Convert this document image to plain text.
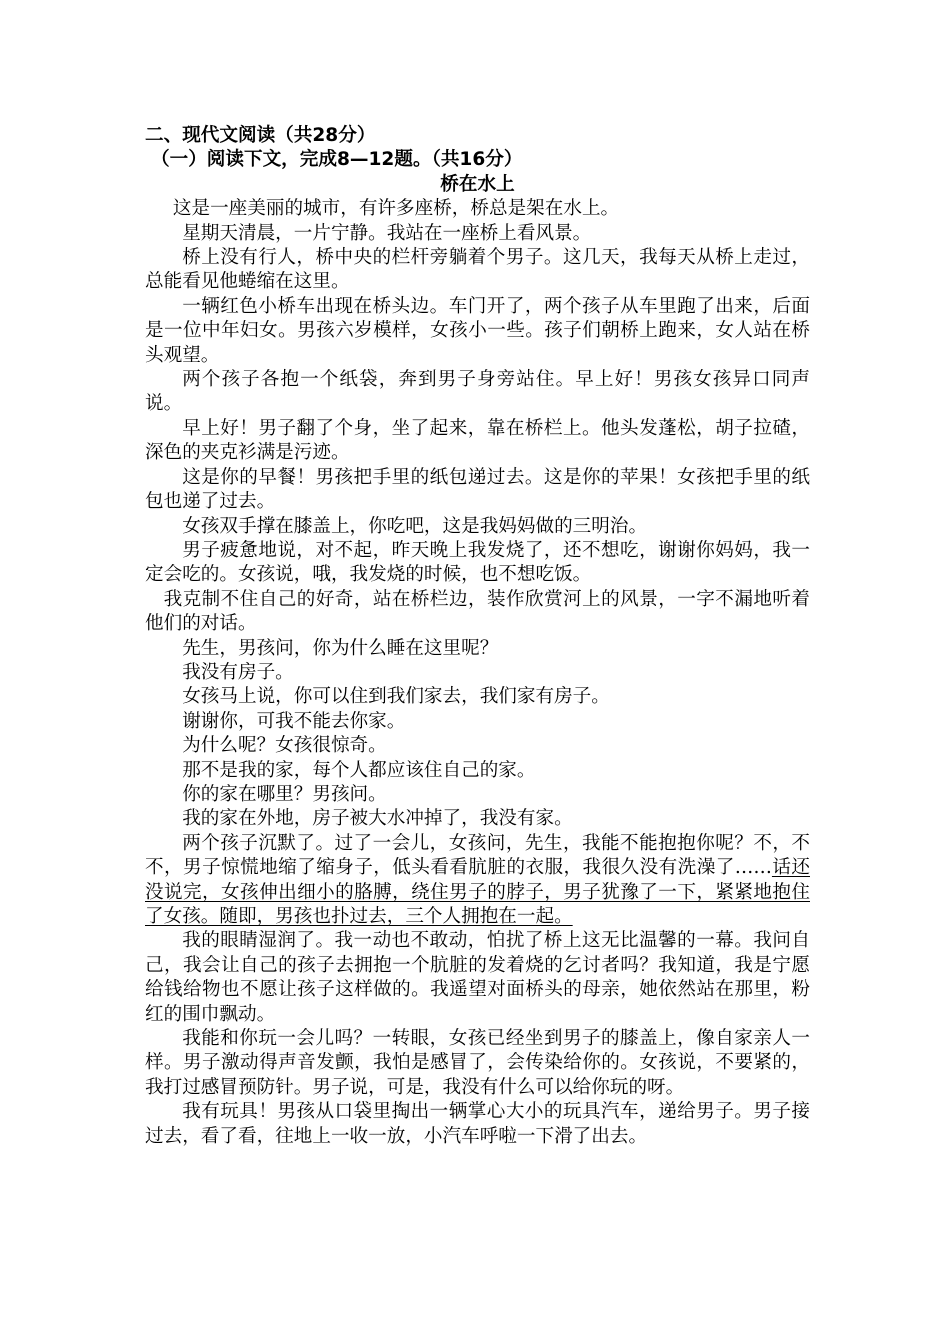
二、现代文阅读（共28分）
（一）阅读下文，完成8—12题。（共16分）
桥在水上

这是一座美丽的城市，有许多座桥，桥总是架在水上。

星期天清晨，一片宁静。我站在一座桥上看风景。

桥上没有行人，桥中央的栏杆旁躺着个男子。这几天，我每天从桥上走过，总能看见他蜷缩在这里。

一辆红色小桥车出现在桥头边。车门开了，两个孩子从车里跑了出来，后面是一位中年妇女。男孩六岁模样，女孩小一些。孩子们朝桥上跑来，女人站在桥头观望。

两个孩子各抱一个纸袋，奔到男子身旁站住。早上好！男孩女孩异口同声说。

早上好！男子翻了个身，坐了起来，靠在桥栏上。他头发蓬松，胡子拉碴，深色的夹克衫满是污迹。

这是你的早餐！男孩把手里的纸包递过去。这是你的苹果！女孩把手里的纸包也递了过去。

女孩双手撑在膝盖上，你吃吧，这是我妈妈做的三明治。

男子疲惫地说，对不起，昨天晚上我发烧了，还不想吃，谢谢你妈妈，我一定会吃的。女孩说，哦，我发烧的时候，也不想吃饭。

我克制不住自己的好奇，站在桥栏边，装作欣赏河上的风景，一字不漏地听着他们的对话。

先生，男孩问，你为什么睡在这里呢？

我没有房子。

女孩马上说，你可以住到我们家去，我们家有房子。

谢谢你，可我不能去你家。

为什么呢？女孩很惊奇。

那不是我的家，每个人都应该住自己的家。

你的家在哪里？男孩问。

我的家在外地，房子被大水冲掉了，我没有家。

两个孩子沉默了。过了一会儿，女孩问，先生，我能不能抱抱你呢？不，不不，男子惊慌地缩了缩身子，低头看看肮脏的衣服，我很久没有洗澡了……话还没说完，女孩伸出细小的胳膊，绕住男子的脖子，男子犹豫了一下，紧紧地抱住了女孩。随即，男孩也扑过去，三个人拥抱在一起。

我的眼睛湿润了。我一动也不敢动，怕扰了桥上这无比温馨的一幕。我问自己，我会让自己的孩子去拥抱一个肮脏的发着烧的乞讨者吗？我知道，我是宁愿给钱给物也不愿让孩子这样做的。我遥望对面桥头的母亲，她依然站在那里，粉红的围巾飘动。

我能和你玩一会儿吗？一转眼，女孩已经坐到男子的膝盖上，像自家亲人一样。男子激动得声音发颤，我怕是感冒了，会传染给你的。女孩说，不要紧的，我打过感冒预防针。男子说，可是，我没有什么可以给你玩的呀。

我有玩具！男孩从口袋里掏出一辆掌心大小的玩具汽车，递给男子。男子接过去，看了看，往地上一收一放，小汽车呼啦一下滑了出去。
